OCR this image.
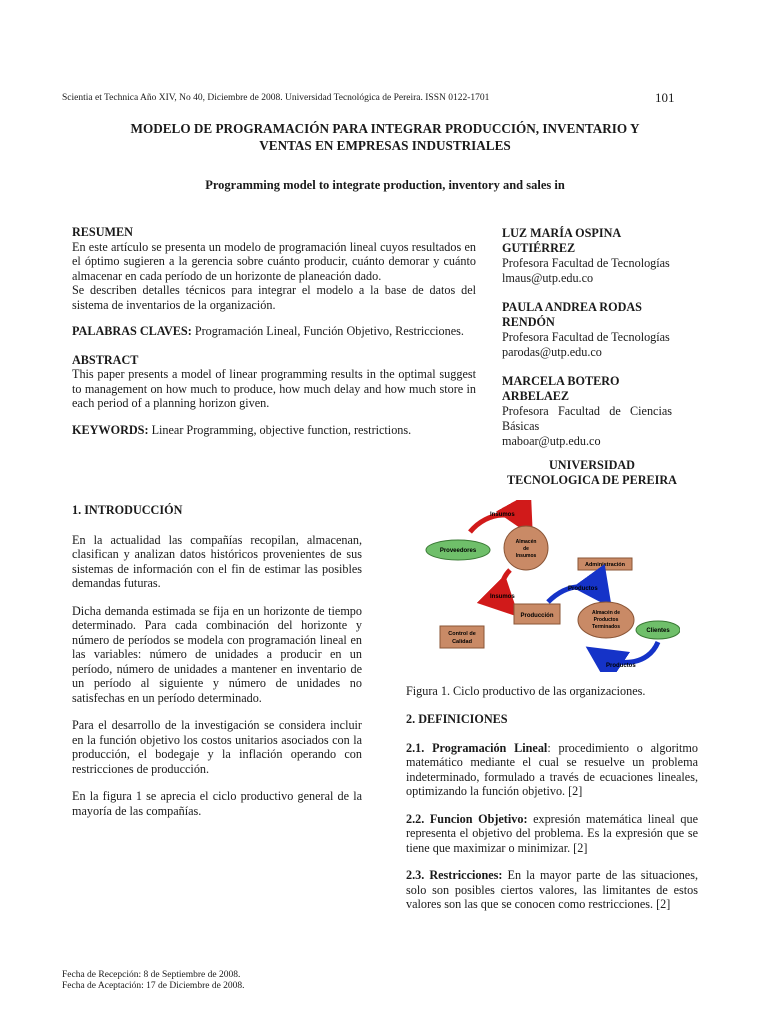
Scientia et Technica Año XIV, No 40, Diciembre de 2008. Universidad Tecnológica de Pereira. ISSN 0122-1701	101
MODELO DE PROGRAMACIÓN PARA INTEGRAR PRODUCCIÓN, INVENTARIO Y
VENTAS EN EMPRESAS INDUSTRIALES
Programming model to integrate production, inventory and sales in

RESUMEN

En este artículo se presenta un modelo de programación lineal cuyos resultados en el óptimo sugieren a la gerencia sobre cuánto producir, cuánto demorar y cuánto almacenar en cada período de un horizonte de planeación dado.

Se describen detalles técnicos para integrar el modelo a la base de datos del sistema de inventarios de la organización.

PALABRAS CLAVES: Programación Lineal, Función Objetivo, Restricciones.

ABSTRACT

This paper presents a model of linear programming results in the optimal suggest to management on how much to produce, how much delay and how much store in each period of a planning horizon given.

KEYWORDS: Linear Programming, objective function, restrictions.

LUZ MARÍA OSPINA GUTIÉRREZ
Profesora Facultad de Tecnologías
lmaus@utp.edu.co
PAULA ANDREA RODAS RENDÓN
Profesora Facultad de Tecnologías
parodas@utp.edu.co
MARCELA BOTERO ARBELAEZ
Profesora Facultad de Ciencias Básicas
maboar@utp.edu.co
UNIVERSIDAD
TECNOLOGICA DE PEREIRA

1. INTRODUCCIÓN

En la actualidad las compañías recopilan, almacenan, clasifican y analizan datos históricos provenientes de sus sistemas de información con el fin de estimar las posibles demandas futuras.

Dicha demanda estimada se fija en un horizonte de tiempo determinado. Para cada combinación del horizonte y número de períodos se modela con programación lineal en las variables: número de unidades a producir en un período, número de unidades a mantener en inventario de un período al siguiente y número de unidades no satisfechas en un período determinado.

Para el desarrollo de la investigación se considera incluir en la función objetivo los costos unitarios asociados con la producción, el bodegaje y la inflación operando con restricciones de producción.

En la figura 1 se aprecia el ciclo productivo general de la mayoría de las compañías.

Insumos
Proveedores
Almacén
de
Insumos
Administración
Insumos
Producción
Productos
Almacén de
Productos
Terminados
Control de
Calidad
Clientes
Productos
Figura 1. Ciclo productivo de las organizaciones.

2. DEFINICIONES

2.1. Programación Lineal: procedimiento o algoritmo matemático mediante el cual se resuelve un problema indeterminado, formulado a través de ecuaciones lineales, optimizando la función objetivo. [2]

2.2. Funcion Objetivo: expresión matemática lineal que representa el objetivo del problema. Es la expresión que se tiene que maximizar o minimizar. [2]

2.3. Restricciones: En la mayor parte de las situaciones, solo son posibles ciertos valores, las limitantes de estos valores son las que se conocen como restricciones. [2]

Fecha de Recepción: 8 de Septiembre de 2008.
Fecha de Aceptación: 17 de Diciembre de 2008.
